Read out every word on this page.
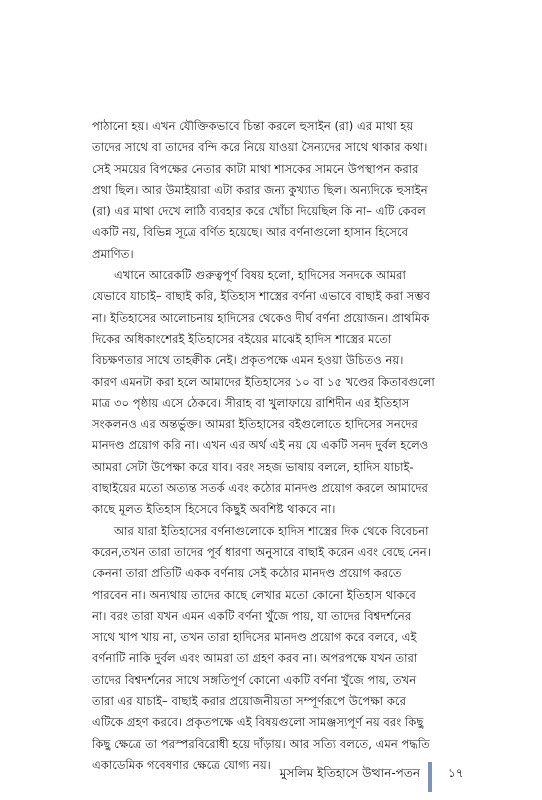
পাঠানো হয়। এখন যৌক্তিকভাবে চিন্তা করলে হুসাইন (রা) এর মাথা হয়
তাদের সাথে বা তাদের বন্দি করে নিয়ে যাওয়া সৈন্যদের সাথে থাকার কথা।
সেই সময়ের বিপক্ষের নেতার কাটা মাথা শাসকের সামনে উপস্থাপন করার
প্রথা ছিল। আর উমাইয়ারা এটা করার জন্য কুখ্যাত ছিল। অন্যদিকে হুসাইন
(রা) এর মাথা দেখে লাঠি ব্যবহার করে খোঁচা দিয়েছিল কি না– এটি কেবল
একটি নয়, বিভিন্ন সূত্রে বর্ণিত হয়েছে। আর বর্ণনাগুলো হাসান হিসেবে
প্রমাণিত।

এখানে আরেকটি গুরুত্বপূর্ণ বিষয় হলো, হাদিসের সনদকে আমরা
যেভাবে যাচাই– বাছাই করি, ইতিহাস শাস্ত্রের বর্ণনা এভাবে বাছাই করা সম্ভব
না। ইতিহাসের আলোচনায় হাদিসের থেকেও দীর্ঘ বর্ণনা প্রয়োজন। প্রাথমিক
দিকের অধিকাংশেরই ইতিহাসের বইয়ের মাঝেই হাদিস শাস্ত্রের মতো
বিচক্ষণতার সাথে তাহক্বীক নেই। প্রকৃতপক্ষে এমন হওয়া উচিতও নয়।
কারণ এমনটা করা হলে আমাদের ইতিহাসের ১০ বা ১৫ খণ্ডের কিতাবগুলো
মাত্র ৩০ পৃষ্ঠায় এসে ঠেকবে। সীরাহ বা খুলাফায়ে রাশিদীন এর ইতিহাস
সংকলনও এর অন্তর্ভুক্ত। আমরা ইতিহাসের বইগুলোতে হাদিসের সনদের
মানদণ্ড প্রয়োগ করি না। এখন এর অর্থ এই নয় যে একটি সনদ দুর্বল হলেও
আমরা সেটা উপেক্ষা করে যাব। বরং সহজ ভাষায় বললে, হাদিস যাচাই-
বাছাইয়ের মতো অত্যন্ত সতর্ক এবং কঠোর মানদণ্ড প্রয়োগ করলে আমাদের
কাছে মূলত ইতিহাস হিসেবে কিছুই অবশিষ্ট থাকবে না।

আর যারা ইতিহাসের বর্ণনাগুলোকে হাদিস শাস্ত্রের দিক থেকে বিবেচনা
করেন,তখন তারা তাদের পূর্ব ধারণা অনুসারে বাছাই করেন এবং বেছে নেন।
কেননা তারা প্রতিটি একক বর্ণনায় সেই কঠোর মানদণ্ড প্রয়োগ করতে
পারবেন না। অন্যথায় তাদের কাছে লেখার মতো কোনো ইতিহাস থাকবে
না। বরং তারা যখন এমন একটি বর্ণনা খুঁজে পায়, যা তাদের বিশ্বদর্শনের
সাথে খাপ খায় না, তখন তারা হাদিসের মানদণ্ড প্রয়োগ করে বলবে, এই
বর্ণনাটি নাকি দুর্বল এবং আমরা তা গ্রহণ করব না। অপরপক্ষে যখন তারা
তাদের বিশ্বদর্শনের সাথে সঙ্গতিপূর্ণ কোনো একটি বর্ণনা খুঁজে পায়, তখন
তারা এর যাচাই– বাছাই করার প্রয়োজনীয়তা সম্পূর্ণরূপে উপেক্ষা করে
এটিকে গ্রহণ করবে। প্রকৃতপক্ষে এই বিষয়গুলো সামঞ্জস্যপূর্ণ নয় বরং কিছু
কিছু ক্ষেত্রে তা পরস্পরবিরোধী হয়ে দাঁড়ায়। আর সত্যি বলতে, এমন পদ্ধতি
একাডেমিক গবেষণার ক্ষেত্রে যোগ্য নয়।

মুসলিম ইতিহাসে উত্থান-পতন ১৭
